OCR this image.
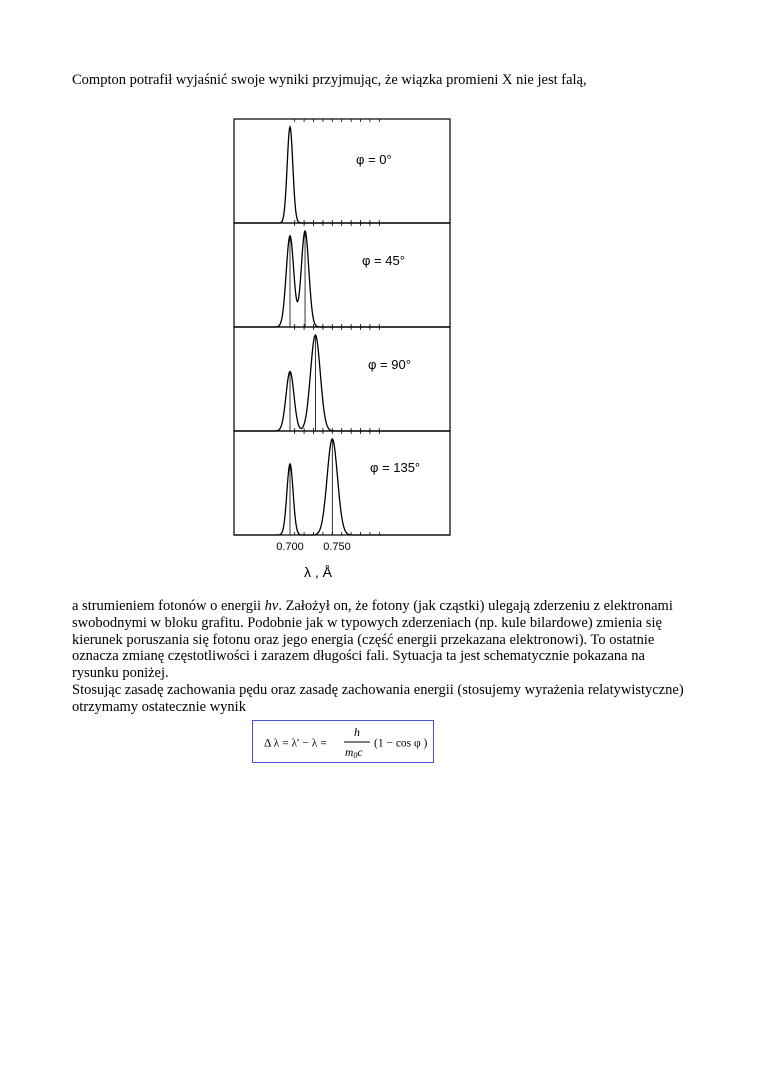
Compton potrafił wyjaśnić swoje wyniki przyjmując, że wiązka promieni X nie jest falą,
φ = 0°
φ = 45°
φ = 90°
φ = 135°
0.700 0.750
λ , Å

a strumieniem fotonów o energii hv. Założył on, że fotony (jak cząstki) ulegają zderzeniu z elektronami swobodnymi w bloku grafitu. Podobnie jak w typowych zderzeniach (np. kule bilardowe) zmienia się kierunek poruszania się fotonu oraz jego energia (część energii przekazana elektronowi). To ostatnie oznacza zmianę częstotliwości i zarazem długości fali. Sytuacja ta jest schematycznie pokazana na rysunku poniżej.

Stosując zasadę zachowania pędu oraz zasadę zachowania energii (stosujemy wyrażenia relatywistyczne) otrzymamy ostatecznie wynik

Δ λ = λ′ − λ =
h
m0c
(1 − cos φ )
